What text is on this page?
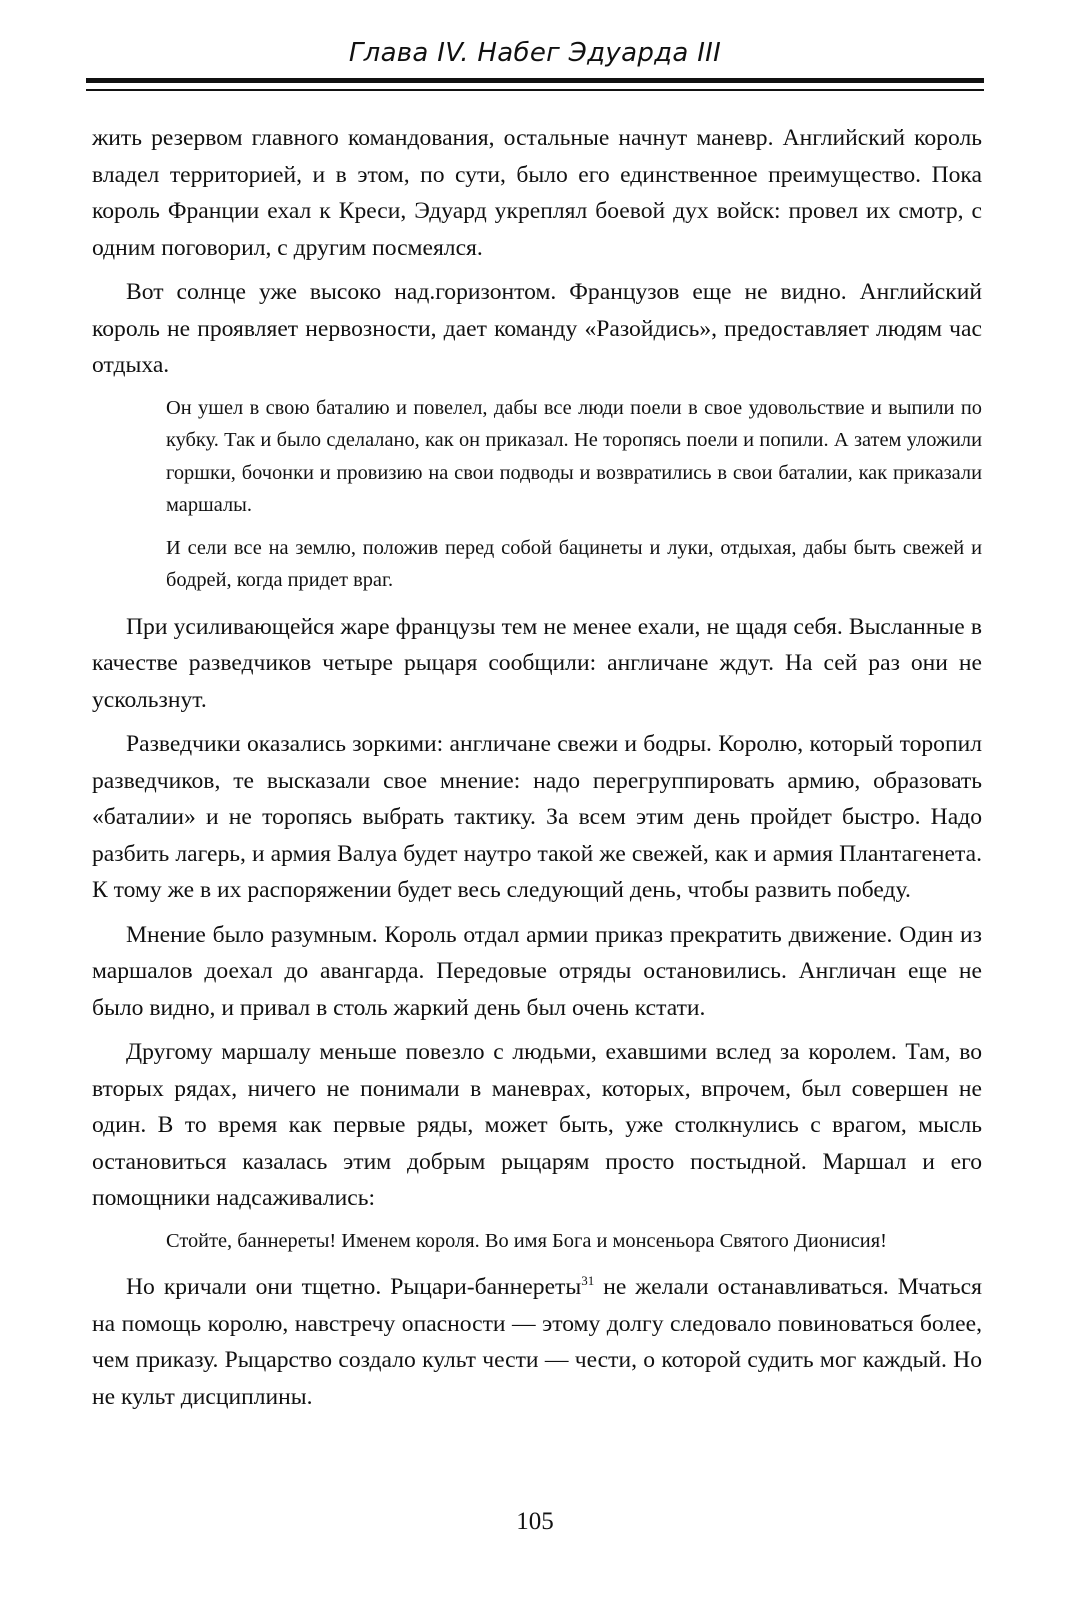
Глава IV. Набег Эдуарда III

жить резервом главного командования, остальные начнут маневр. Английский король владел территорией, и в этом, по сути, было его единственное преимущество. Пока король Франции ехал к Креси, Эдуард укреплял боевой дух войск: провел их смотр, с одним поговорил, с другим посмеялся.

Вот солнце уже высоко над.горизонтом. Французов еще не видно. Английский король не проявляет нервозности, дает команду «Разойдись», предоставляет людям час отдыха.

Он ушел в свою баталию и повелел, дабы все люди поели в свое удовольствие и выпили по кубку. Так и было сделалано, как он приказал. Не торопясь поели и попили. А затем уложили горшки, бочонки и провизию на свои подводы и возвратились в свои баталии, как приказали маршалы.

И сели все на землю, положив перед собой бацинеты и луки, отдыхая, дабы быть свежей и бодрей, когда придет враг.

При усиливающейся жаре французы тем не менее ехали, не щадя себя. Высланные в качестве разведчиков четыре рыцаря сообщили: англичане ждут. На сей раз они не ускользнут.

Разведчики оказались зоркими: англичане свежи и бодры. Королю, который торопил разведчиков, те высказали свое мнение: надо перегруппировать армию, образовать «баталии» и не торопясь выбрать тактику. За всем этим день пройдет быстро. Надо разбить лагерь, и армия Валуа будет наутро такой же свежей, как и армия Плантагенета. К тому же в их распоряжении будет весь следующий день, чтобы развить победу.

Мнение было разумным. Король отдал армии приказ прекратить движение. Один из маршалов доехал до авангарда. Передовые отряды остановились. Англичан еще не было видно, и привал в столь жаркий день был очень кстати.

Другому маршалу меньше повезло с людьми, ехавшими вслед за королем. Там, во вторых рядах, ничего не понимали в маневрах, которых, впрочем, был совершен не один. В то время как первые ряды, может быть, уже столкнулись с врагом, мысль остановиться казалась этим добрым рыцарям просто постыдной. Маршал и его помощники надсаживались:

Стойте, баннереты! Именем короля. Во имя Бога и монсеньора Святого Дионисия!

Но кричали они тщетно. Рыцари-баннереты$^{31}$ не желали останавливаться. Мчаться на помощь королю, навстречу опасности — этому долгу следовало повиноваться более, чем приказу. Рыцарство создало культ чести — чести, о которой судить мог каждый. Но не культ дисциплины.

105
